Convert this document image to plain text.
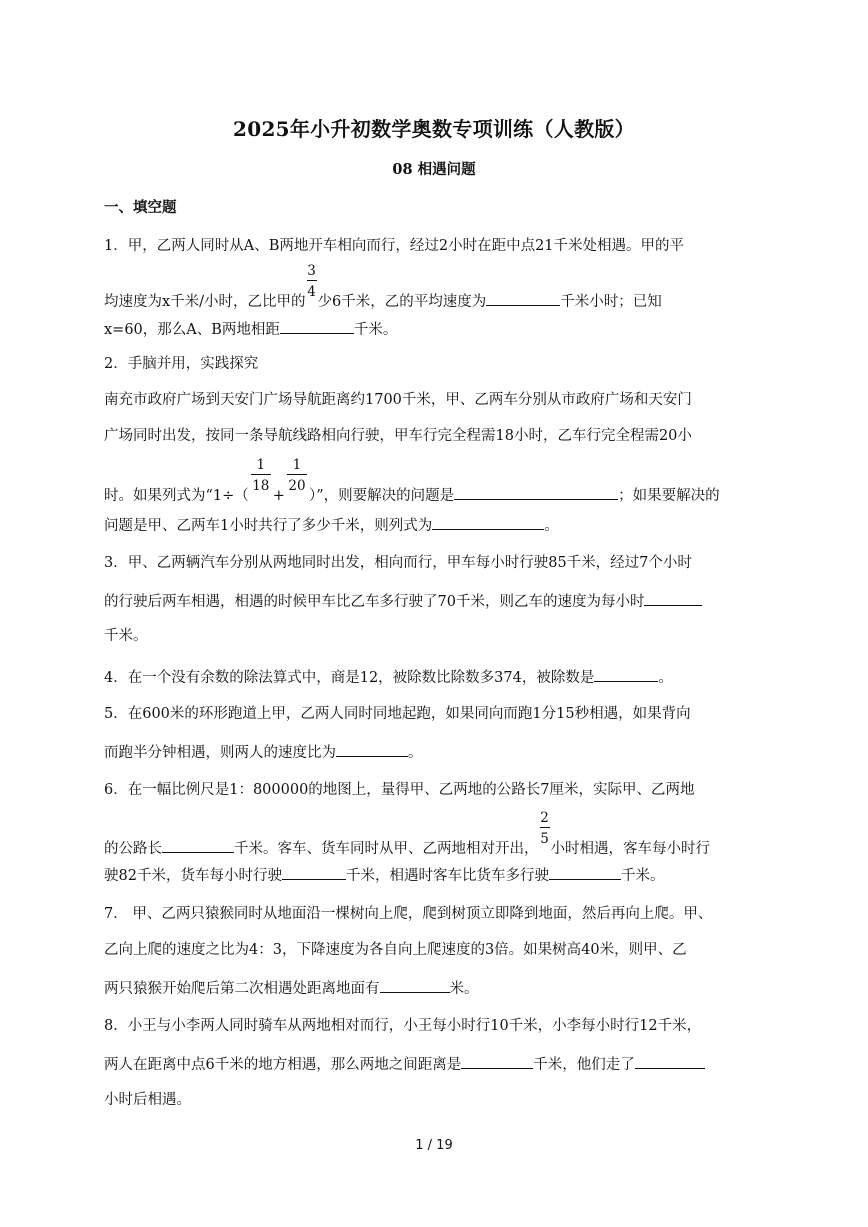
2025年小升初数学奥数专项训练（人教版）
08 相遇问题
一、填空题
1．甲，乙两人同时从A、B两地开车相向而行，经过2小时在距中点21千米处相遇。甲的平
均速度为x千米/小时，乙比甲的 $\frac{3}{4}$ 少6千米，乙的平均速度为	千米小时；已知
x=60，那么A、B两地相距	千米。
2．手脑并用，实践探究
南充市政府广场到天安门广场导航距离约1700千米，甲、乙两车分别从市政府广场和天安门
广场同时出发，按同一条导航线路相向行驶，甲车行完全程需18小时，乙车行完全程需20小
时。如果列式为“$1\div( \frac{1}{18} + \frac{1}{20}$ ）”，则要解决的问题是	；如果要解决的
问题是甲、乙两车1小时共行了多少千米，则列式为	。
3．甲、乙两辆汽车分别从两地同时出发，相向而行，甲车每小时行驶85千米，经过7个小时
的行驶后两车相遇，相遇的时候甲车比乙车多行驶了70千米，则乙车的速度为每小时
千米。
4．在一个没有余数的除法算式中，商是12，被除数比除数多374，被除数是	。
5．在600米的环形跑道上甲，乙两人同时同地起跑，如果同向而跑1分15秒相遇，如果背向
而跑半分钟相遇，则两人的速度比为	。
6．在一幅比例尺是1：800000的地图上，量得甲、乙两地的公路长7厘米，实际甲、乙两地
的公路长	千米。客车、货车同时从甲、乙两地相对开出， $\frac{2}{5}$ 小时相遇，客车每小时行
驶82千米，货车每小时行驶	千米，相遇时客车比货车多行驶	千米。
7． 甲、乙两只猿猴同时从地面沿一棵树向上爬，爬到树顶立即降到地面，然后再向上爬。甲、
乙向上爬的速度之比为4：3，下降速度为各自向上爬速度的3倍。如果树高40米，则甲、乙
两只猿猴开始爬后第二次相遇处距离地面有	米。
8．小王与小李两人同时骑车从两地相对而行，小王每小时行10千米，小李每小时行12千米，
两人在距离中点6千米的地方相遇，那么两地之间距离是	千米，他们走了
小时后相遇。
1 / 19
